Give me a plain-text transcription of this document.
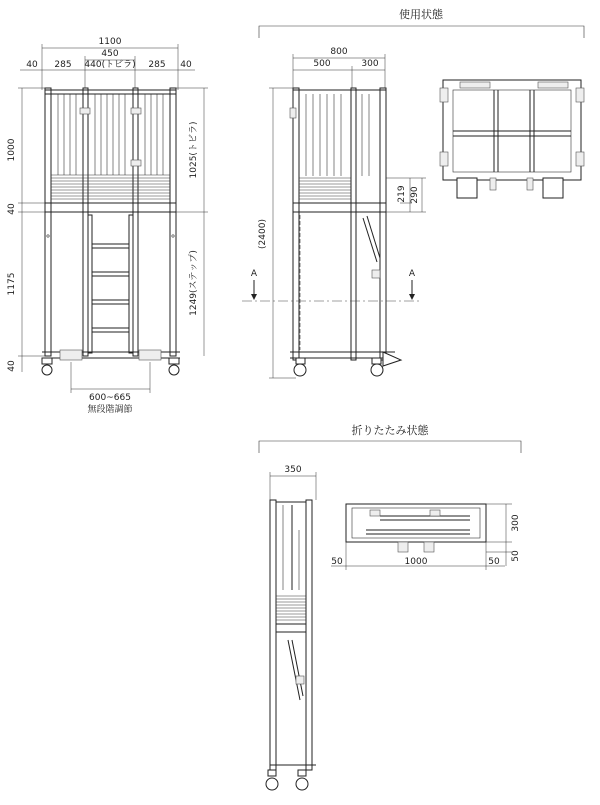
使用状態
折りたたみ状態
1100
450
40 285 440(トビラ) 285 40
1000
40
1175
40
1025(トビラ)
1249(ステップ)
600~665
無段階調節
800
500	300
(2400)
219 290
A	A
350
300
50
50	1000	50
